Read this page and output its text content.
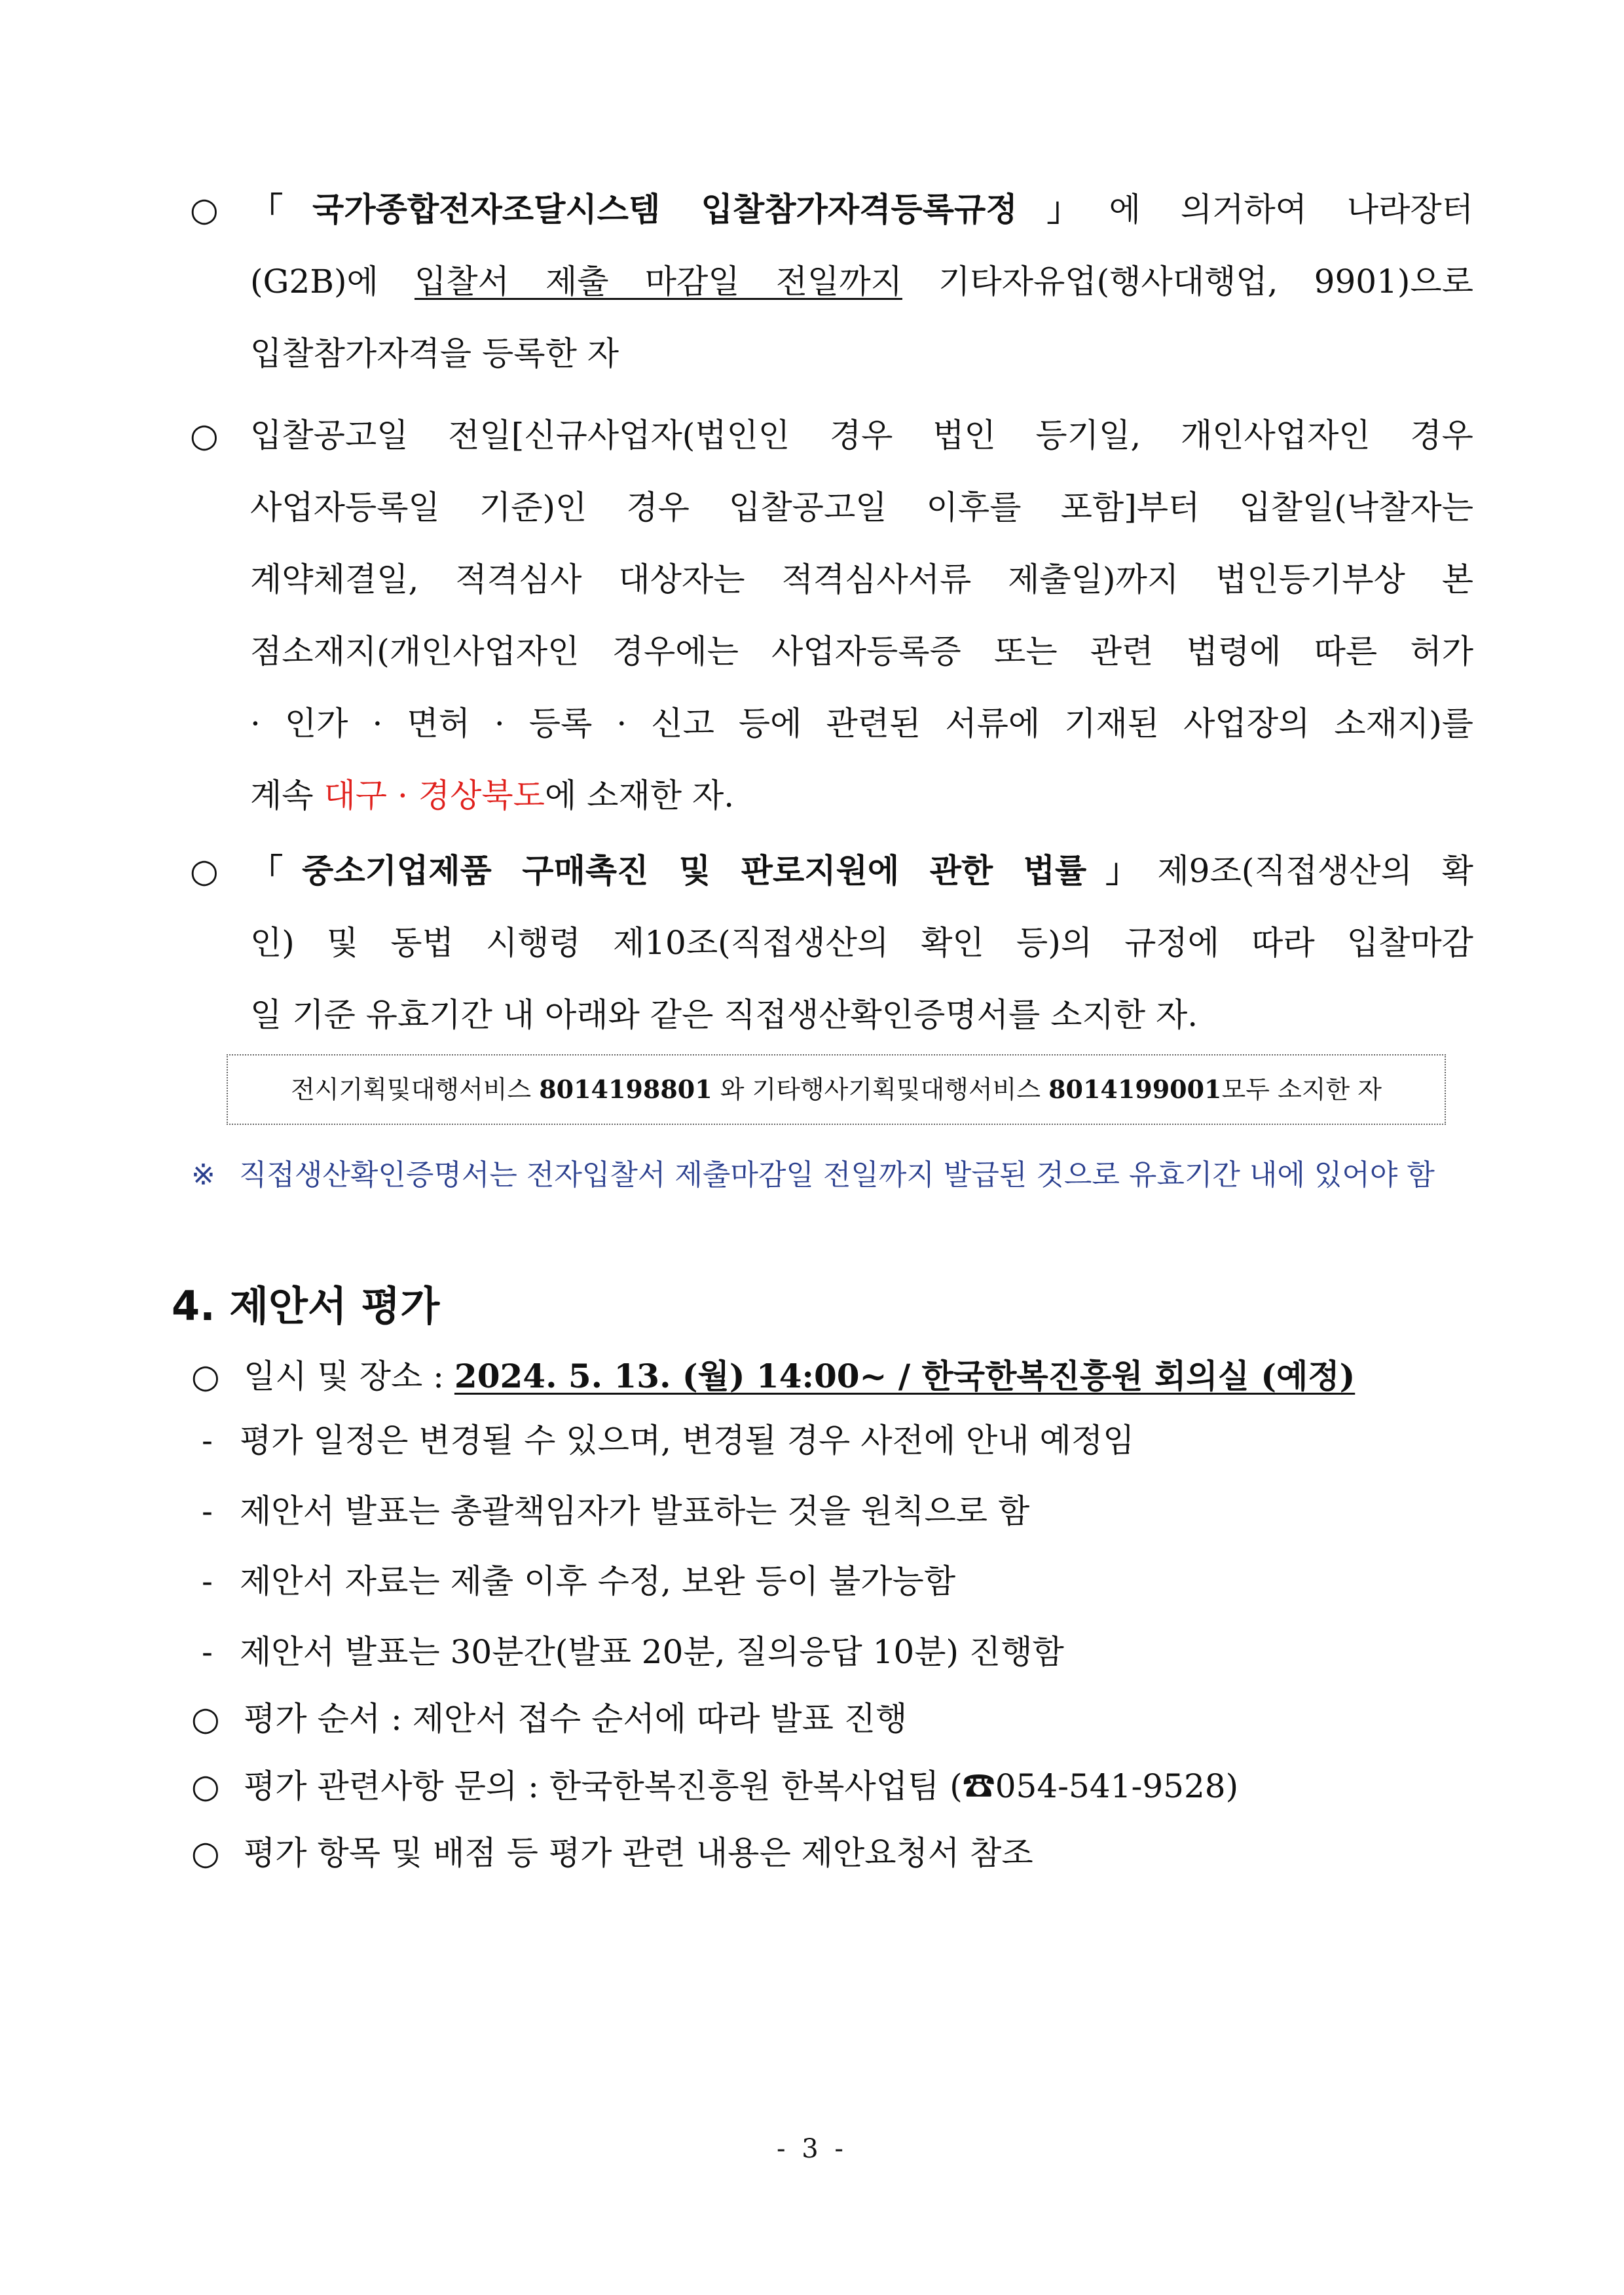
○ 「국가종합전자조달시스템 입찰참가자격등록규정」에 의거하여 나라장터
(G2B)에 입찰서 제출 마감일 전일까지 기타자유업(행사대행업, 9901)으로
입찰참가자격을 등록한 자
○ 입찰공고일 전일[신규사업자(법인인 경우 법인 등기일, 개인사업자인 경우
사업자등록일 기준)인 경우 입찰공고일 이후를 포함]부터 입찰일(낙찰자는
계약체결일, 적격심사 대상자는 적격심사서류 제출일)까지 법인등기부상 본
점소재지(개인사업자인 경우에는 사업자등록증 또는 관련 법령에 따른 허가
· 인가 · 면허 · 등록 · 신고 등에 관련된 서류에 기재된 사업장의 소재지)를
계속 대구 · 경상북도에 소재한 자.
○ 「중소기업제품 구매촉진 및 판로지원에 관한 법률」제9조(직접생산의 확
인) 및 동법 시행령 제10조(직접생산의 확인 등)의 규정에 따라 입찰마감
일 기준 유효기간 내 아래와 같은 직접생산확인증명서를 소지한 자.
전시기획및대행서비스 8014198801 와 기타행사기획및대행서비스 8014199001모두 소지한 자
※ 직접생산확인증명서는 전자입찰서 제출마감일 전일까지 발급된 것으로 유효기간 내에 있어야 함
4. 제안서 평가
○ 일시 및 장소 : 2024. 5. 13. (월) 14:00~ / 한국한복진흥원 회의실 (예정)
- 평가 일정은 변경될 수 있으며, 변경될 경우 사전에 안내 예정임
- 제안서 발표는 총괄책임자가 발표하는 것을 원칙으로 함
- 제안서 자료는 제출 이후 수정, 보완 등이 불가능함
- 제안서 발표는 30분간(발표 20분, 질의응답 10분) 진행함
○ 평가 순서 : 제안서 접수 순서에 따라 발표 진행
○ 평가 관련사항 문의 : 한국한복진흥원 한복사업팀 (☎054-541-9528)
○ 평가 항목 및 배점 등 평가 관련 내용은 제안요청서 참조
- 3 -
